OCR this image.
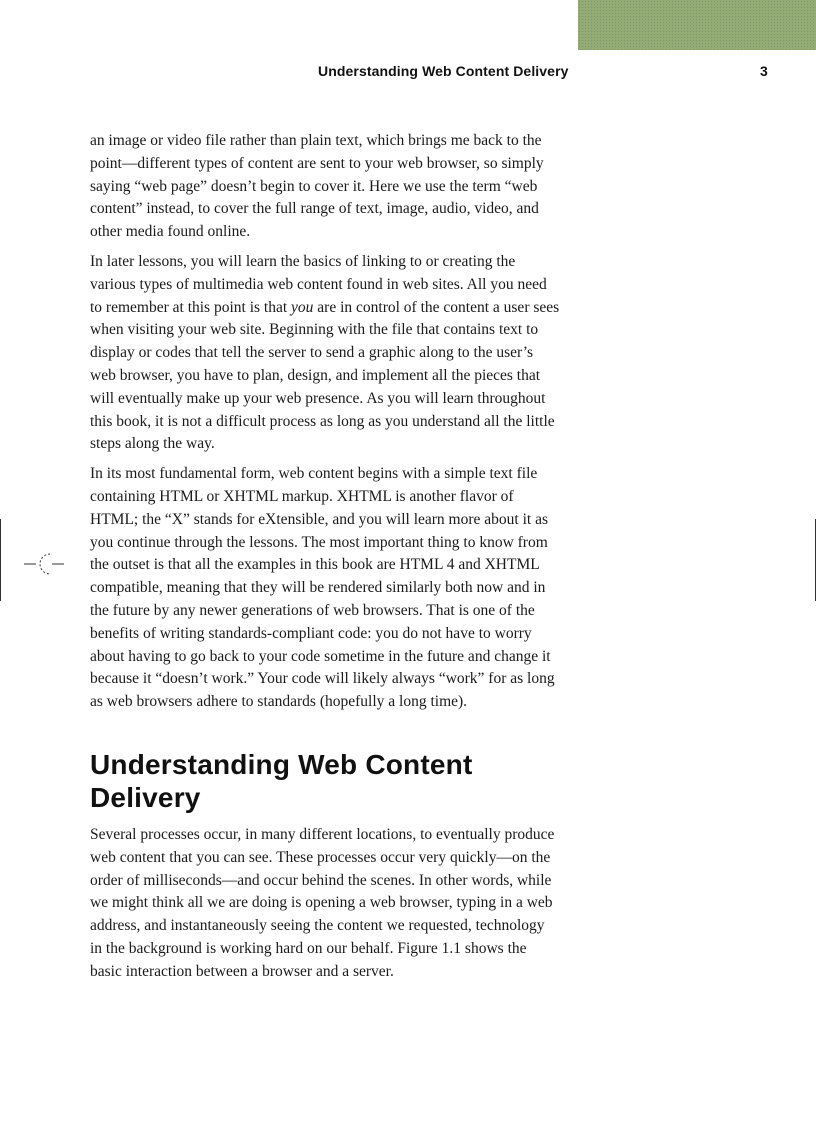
Understanding Web Content Delivery	3

an image or video file rather than plain text, which brings me back to the point—different types of content are sent to your web browser, so simply saying “web page” doesn’t begin to cover it. Here we use the term “web content” instead, to cover the full range of text, image, audio, video, and other media found online.

In later lessons, you will learn the basics of linking to or creating the various types of multimedia web content found in web sites. All you need to remember at this point is that you are in control of the content a user sees when visiting your web site. Beginning with the file that contains text to display or codes that tell the server to send a graphic along to the user’s web browser, you have to plan, design, and implement all the pieces that will eventually make up your web presence. As you will learn throughout this book, it is not a difficult process as long as you understand all the little steps along the way.

In its most fundamental form, web content begins with a simple text file containing HTML or XHTML markup. XHTML is another flavor of HTML; the “X” stands for eXtensible, and you will learn more about it as you continue through the lessons. The most important thing to know from the outset is that all the examples in this book are HTML 4 and XHTML compatible, meaning that they will be rendered similarly both now and in the future by any newer generations of web browsers. That is one of the benefits of writing standards-compliant code: you do not have to worry about having to go back to your code sometime in the future and change it because it “doesn’t work.” Your code will likely always “work” for as long as web browsers adhere to standards (hopefully a long time).

Understanding Web Content Delivery

Several processes occur, in many different locations, to eventually produce web content that you can see. These processes occur very quickly—on the order of milliseconds—and occur behind the scenes. In other words, while we might think all we are doing is opening a web browser, typing in a web address, and instantaneously seeing the content we requested, technology in the background is working hard on our behalf. Figure 1.1 shows the basic interaction between a browser and a server.
